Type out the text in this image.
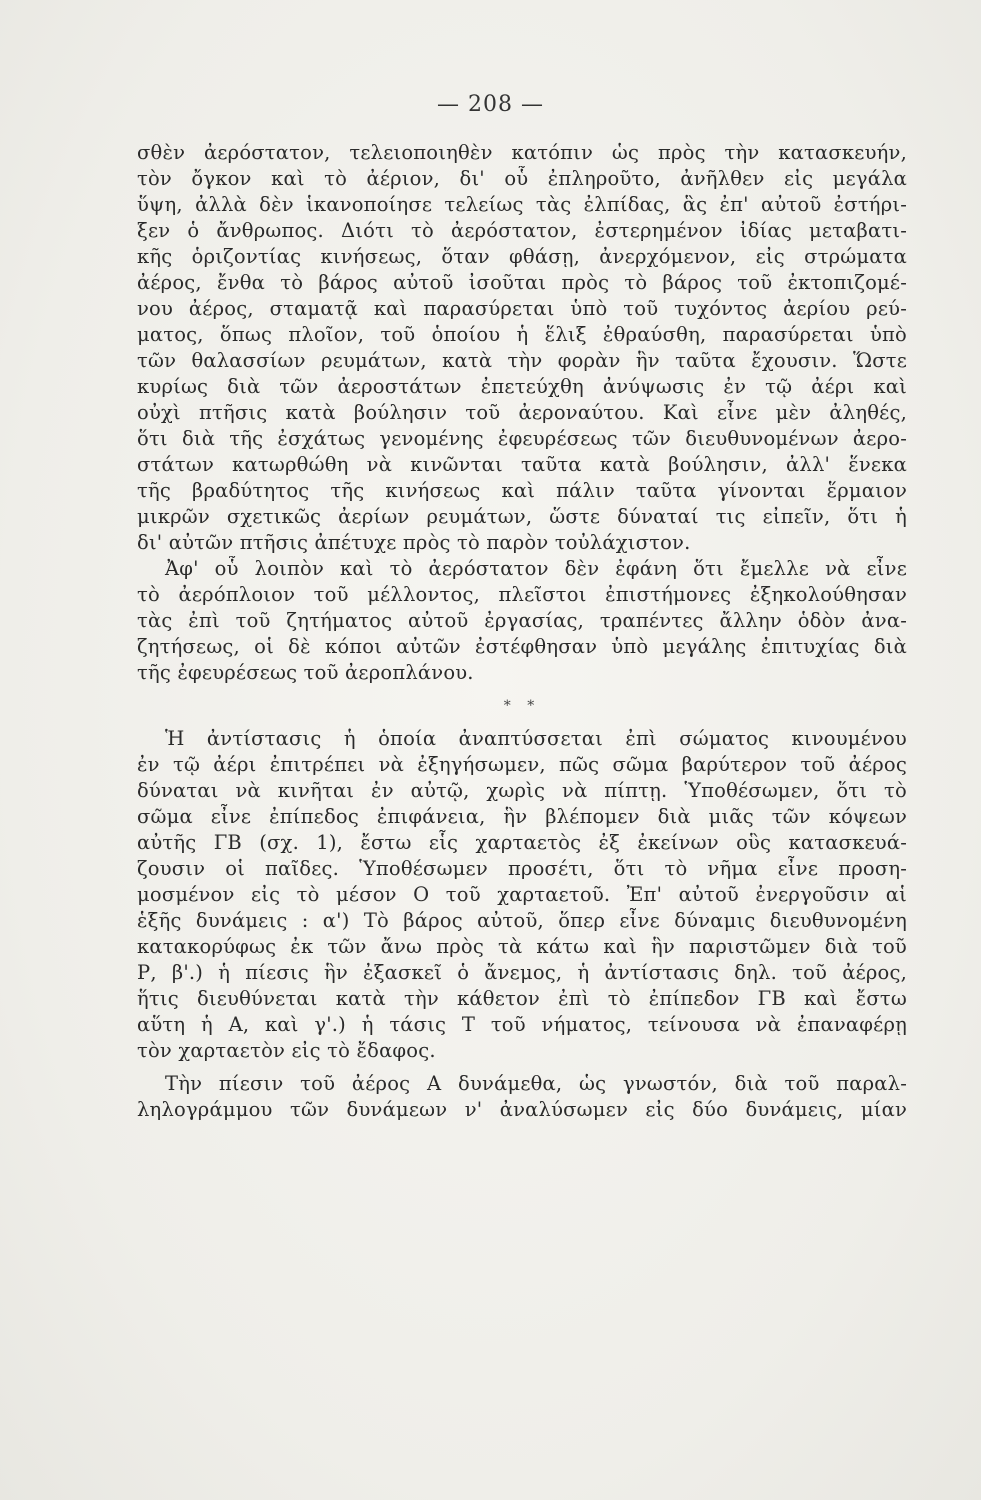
— 208 —
σθὲν ἀερόστατον, τελειοποιηθὲν κατόπιν ὡς πρὸς τὴν κατασκευήν,
τὸν ὄγκον καὶ τὸ ἀέριον, δι' οὗ ἐπληροῦτο, ἀνῆλθεν εἰς μεγάλα
ὕψη, ἀλλὰ δὲν ἱκανοποίησε τελείως τὰς ἐλπίδας, ἃς ἐπ' αὐτοῦ ἐστήρι-
ξεν ὁ ἄνθρωπος. Διότι τὸ ἀερόστατον, ἐστερημένον ἰδίας μεταβατι-
κῆς ὁριζοντίας κινήσεως, ὅταν φθάσῃ, ἀνερχόμενον, εἰς στρώματα
ἀέρος, ἔνθα τὸ βάρος αὐτοῦ ἰσοῦται πρὸς τὸ βάρος τοῦ ἐκτοπιζομέ-
νου ἀέρος, σταματᾷ καὶ παρασύρεται ὑπὸ τοῦ τυχόντος ἀερίου ρεύ-
ματος, ὅπως πλοῖον, τοῦ ὁποίου ἡ ἕλιξ ἐθραύσθη, παρασύρεται ὑπὸ
τῶν θαλασσίων ρευμάτων, κατὰ τὴν φορὰν ἣν ταῦτα ἔχουσιν. Ὥστε
κυρίως διὰ τῶν ἀεροστάτων ἐπετεύχθη ἀνύψωσις ἐν τῷ ἀέρι καὶ
οὐχὶ πτῆσις κατὰ βούλησιν τοῦ ἀεροναύτου. Καὶ εἶνε μὲν ἀληθές,
ὅτι διὰ τῆς ἐσχάτως γενομένης ἐφευρέσεως τῶν διευθυνομένων ἀερο-
στάτων κατωρθώθη νὰ κινῶνται ταῦτα κατὰ βούλησιν, ἀλλ' ἕνεκα
τῆς βραδύτητος τῆς κινήσεως καὶ πάλιν ταῦτα γίνονται ἕρμαιον
μικρῶν σχετικῶς ἀερίων ρευμάτων, ὥστε δύναταί τις εἰπεῖν, ὅτι ἡ
δι' αὐτῶν πτῆσις ἀπέτυχε πρὸς τὸ παρὸν τοὐλάχιστον.
Ἀφ' οὗ λοιπὸν καὶ τὸ ἀερόστατον δὲν ἐφάνη ὅτι ἔμελλε νὰ εἶνε
τὸ ἀερόπλοιον τοῦ μέλλοντος, πλεῖστοι ἐπιστήμονες ἐξηκολούθησαν
τὰς ἐπὶ τοῦ ζητήματος αὐτοῦ ἐργασίας, τραπέντες ἄλλην ὁδὸν ἀνα-
ζητήσεως, οἱ δὲ κόποι αὐτῶν ἐστέφθησαν ὑπὸ μεγάλης ἐπιτυχίας διὰ
τῆς ἐφευρέσεως τοῦ ἀεροπλάνου.
* *
Ἡ ἀντίστασις ἡ ὁποία ἀναπτύσσεται ἐπὶ σώματος κινουμένου
ἐν τῷ ἀέρι ἐπιτρέπει νὰ ἐξηγήσωμεν, πῶς σῶμα βαρύτερον τοῦ ἀέρος
δύναται νὰ κινῆται ἐν αὐτῷ, χωρὶς νὰ πίπτῃ. Ὑποθέσωμεν, ὅτι τὸ
σῶμα εἶνε ἐπίπεδος ἐπιφάνεια, ἣν βλέπομεν διὰ μιᾶς τῶν κόψεων
αὐτῆς ΓΒ (σχ. 1), ἔστω εἷς χαρταετὸς ἐξ ἐκείνων οὓς κατασκευά-
ζουσιν οἱ παῖδες. Ὑποθέσωμεν προσέτι, ὅτι τὸ νῆμα εἶνε προση-
μοσμένον εἰς τὸ μέσον Ο τοῦ χαρταετοῦ. Ἐπ' αὐτοῦ ἐνεργοῦσιν αἱ
ἑξῆς δυνάμεις : α') Τὸ βάρος αὐτοῦ, ὅπερ εἶνε δύναμις διευθυνομένη
κατακορύφως ἐκ τῶν ἄνω πρὸς τὰ κάτω καὶ ἣν παριστῶμεν διὰ τοῦ
Ρ, β'.) ἡ πίεσις ἣν ἐξασκεῖ ὁ ἄνεμος, ἡ ἀντίστασις δηλ. τοῦ ἀέρος,
ἥτις διευθύνεται κατὰ τὴν κάθετον ἐπὶ τὸ ἐπίπεδον ΓΒ καὶ ἔστω
αὕτη ἡ Α, καὶ γ'.) ἡ τάσις Τ τοῦ νήματος, τείνουσα νὰ ἐπαναφέρῃ
τὸν χαρταετὸν εἰς τὸ ἔδαφος.
Τὴν πίεσιν τοῦ ἀέρος Α δυνάμεθα, ὡς γνωστόν, διὰ τοῦ παραλ-
ληλογράμμου τῶν δυνάμεων ν' ἀναλύσωμεν εἰς δύο δυνάμεις, μίαν
